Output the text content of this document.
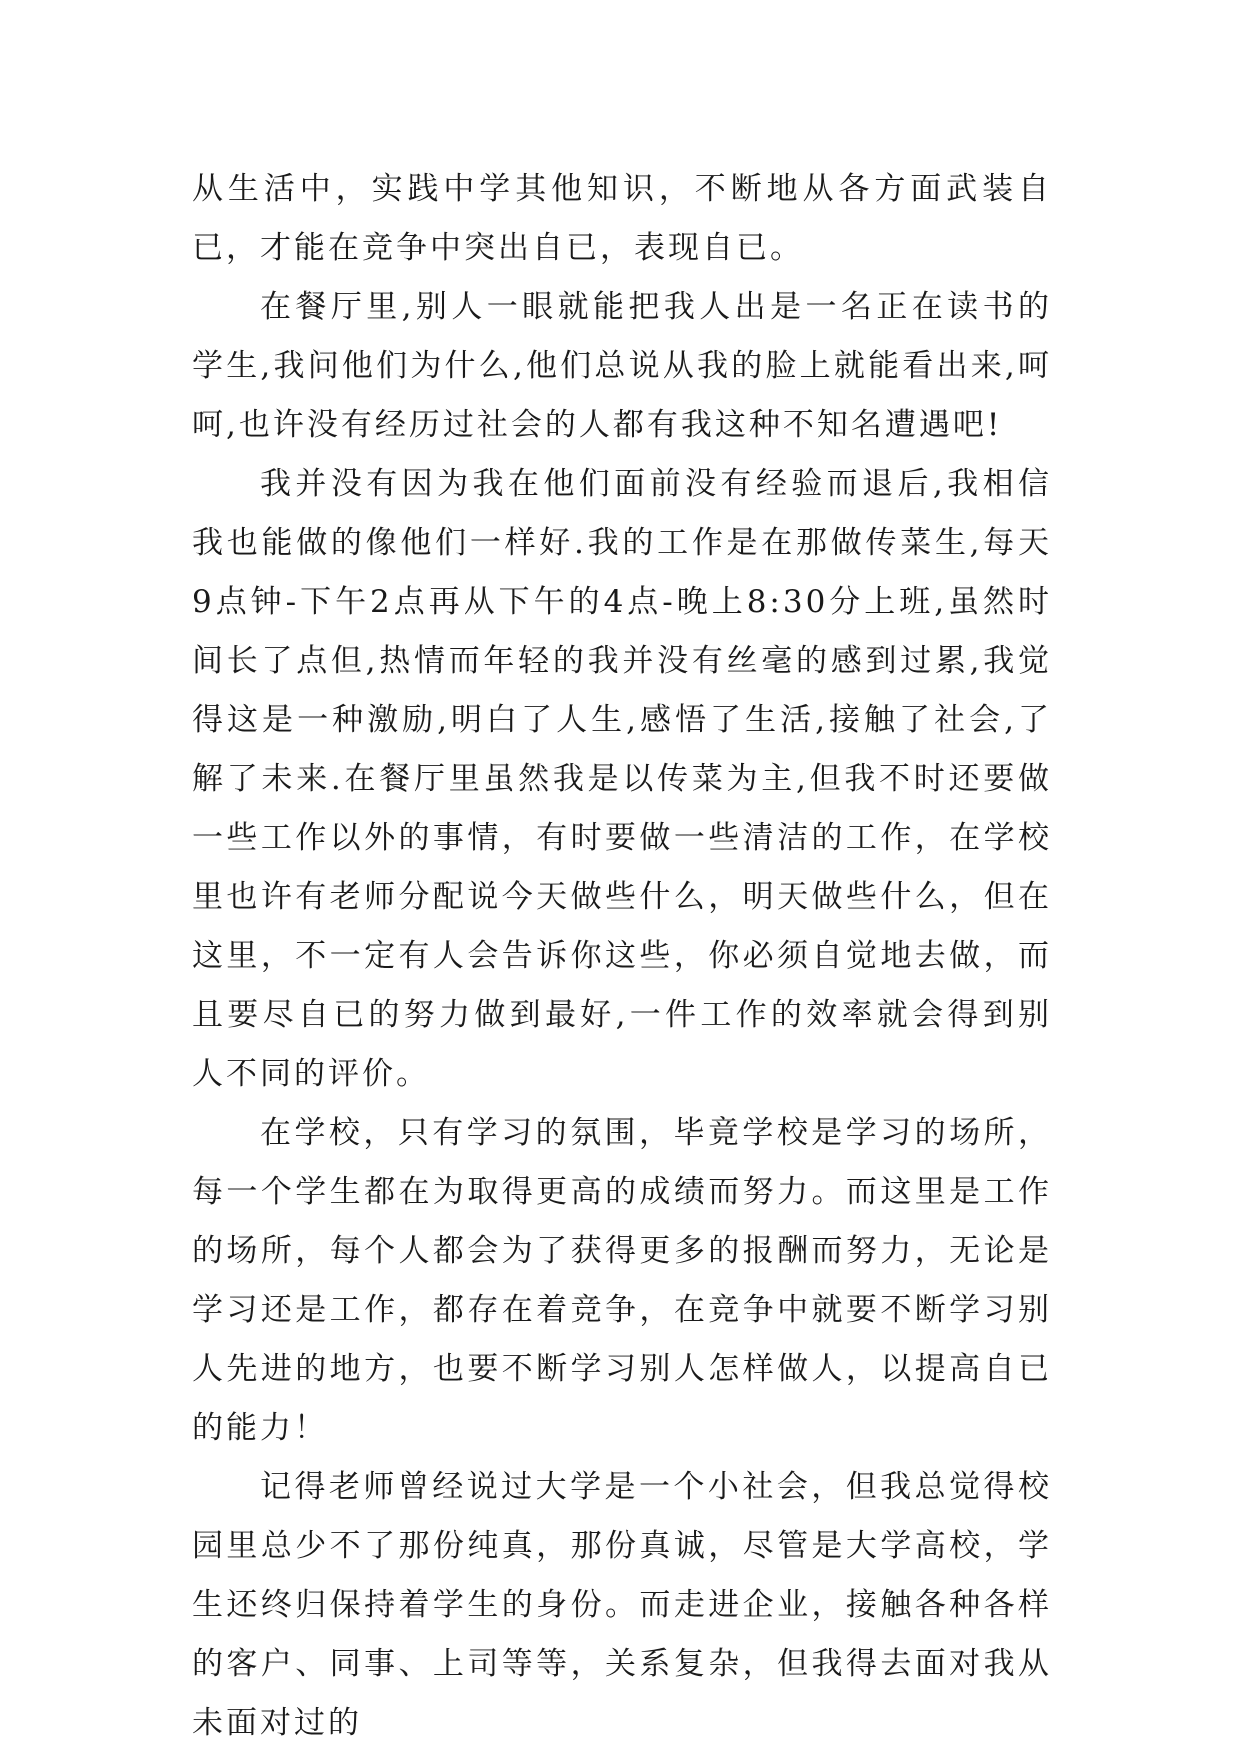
从生活中，实践中学其他知识，不断地从各方面武装自已，才能在竞争中突出自已，表现自已。

在餐厅里,别人一眼就能把我人出是一名正在读书的学生,我问他们为什么,他们总说从我的脸上就能看出来,呵呵,也许没有经历过社会的人都有我这种不知名遭遇吧!

我并没有因为我在他们面前没有经验而退后,我相信我也能做的像他们一样好.我的工作是在那做传菜生,每天9点钟-下午2点再从下午的4点-晚上8:30分上班,虽然时间长了点但,热情而年轻的我并没有丝毫的感到过累,我觉得这是一种激励,明白了人生,感悟了生活,接触了社会,了解了未来.在餐厅里虽然我是以传菜为主,但我不时还要做一些工作以外的事情，有时要做一些清洁的工作，在学校里也许有老师分配说今天做些什么，明天做些什么，但在这里，不一定有人会告诉你这些，你必须自觉地去做，而且要尽自已的努力做到最好,一件工作的效率就会得到别人不同的评价。

在学校，只有学习的氛围，毕竟学校是学习的场所，每一个学生都在为取得更高的成绩而努力。而这里是工作的场所，每个人都会为了获得更多的报酬而努力，无论是学习还是工作，都存在着竞争，在竞争中就要不断学习别人先进的地方，也要不断学习别人怎样做人，以提高自已的能力！

记得老师曾经说过大学是一个小社会，但我总觉得校园里总少不了那份纯真，那份真诚，尽管是大学高校，学生还终归保持着学生的身份。而走进企业，接触各种各样的客户、同事、上司等等，关系复杂，但我得去面对我从未面对过的
